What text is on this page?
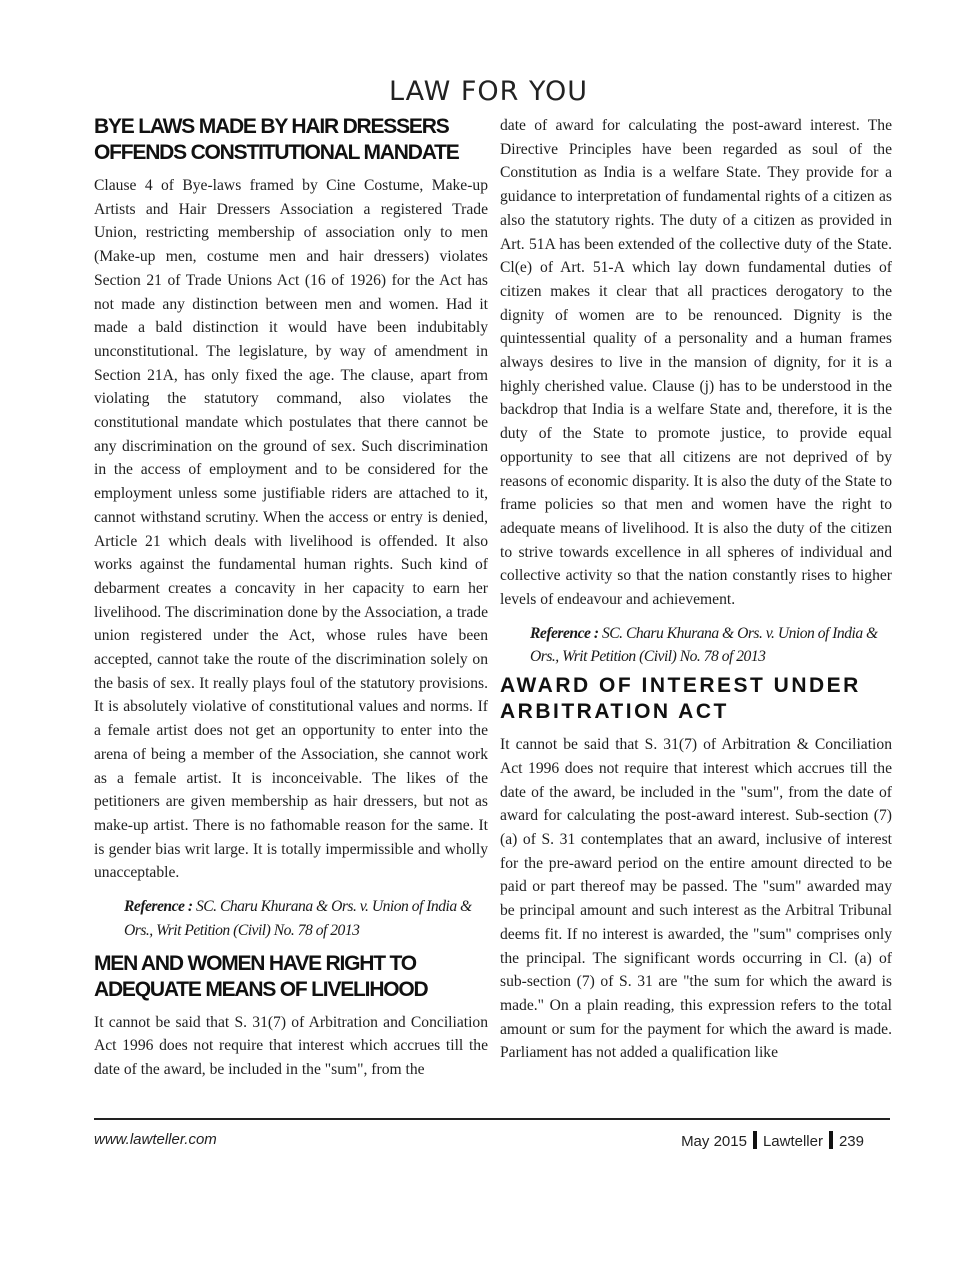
LAW FOR YOU
BYE LAWS MADE BY HAIR DRESSERS OFFENDS CONSTITUTIONAL MANDATE

Clause 4 of Bye-laws framed by Cine Costume, Make-up Artists and Hair Dressers Association a registered Trade Union, restricting membership of association only to men (Make-up men, costume men and hair dressers) violates Section 21 of Trade Unions Act (16 of 1926) for the Act has not made any distinction between men and women. Had it made a bald distinction it would have been indubitably unconstitutional. The legislature, by way of amendment in Section 21A, has only fixed the age. The clause, apart from violating the statutory command, also violates the constitutional mandate which postulates that there cannot be any discrimination on the ground of sex. Such discrimination in the access of employment and to be considered for the employment unless some justifiable riders are attached to it, cannot withstand scrutiny. When the access or entry is denied, Article 21 which deals with livelihood is offended. It also works against the fundamental human rights. Such kind of debarment creates a concavity in her capacity to earn her livelihood. The discrimination done by the Association, a trade union registered under the Act, whose rules have been accepted, cannot take the route of the discrimination solely on the basis of sex. It really plays foul of the statutory provisions. It is absolutely violative of constitutional values and norms. If a female artist does not get an opportunity to enter into the arena of being a member of the Association, she cannot work as a female artist. It is inconceivable. The likes of the petitioners are given membership as hair dressers, but not as make-up artist. There is no fathomable reason for the same. It is gender bias writ large. It is totally impermissible and wholly unacceptable.

Reference : SC. Charu Khurana & Ors. v. Union of India & Ors., Writ Petition (Civil) No. 78 of 2013
MEN AND WOMEN HAVE RIGHT TO ADEQUATE MEANS OF LIVELIHOOD

It cannot be said that S. 31(7) of Arbitration and Conciliation Act 1996 does not require that interest which accrues till the date of the award, be included in the "sum", from the

date of award for calculating the post-award interest. The Directive Principles have been regarded as soul of the Constitution as India is a welfare State. They provide for a guidance to interpretation of fundamental rights of a citizen as also the statutory rights. The duty of a citizen as provided in Art. 51A has been extended of the collective duty of the State. Cl(e) of Art. 51-A which lay down fundamental duties of citizen makes it clear that all practices derogatory to the dignity of women are to be renounced. Dignity is the quintessential quality of a personality and a human frames always desires to live in the mansion of dignity, for it is a highly cherished value. Clause (j) has to be understood in the backdrop that India is a welfare State and, therefore, it is the duty of the State to promote justice, to provide equal opportunity to see that all citizens are not deprived of by reasons of economic disparity. It is also the duty of the State to frame policies so that men and women have the right to adequate means of livelihood. It is also the duty of the citizen to strive towards excellence in all spheres of individual and collective activity so that the nation constantly rises to higher levels of endeavour and achievement.

Reference : SC. Charu Khurana & Ors. v. Union of India & Ors., Writ Petition (Civil) No. 78 of 2013
AWARD OF INTEREST UNDER ARBITRATION ACT

It cannot be said that S. 31(7) of Arbitration & Conciliation Act 1996 does not require that interest which accrues till the date of the award, be included in the "sum", from the date of award for calculating the post-award interest. Sub-section (7)(a) of S. 31 contemplates that an award, inclusive of interest for the pre-award period on the entire amount directed to be paid or part thereof may be passed. The "sum" awarded may be principal amount and such interest as the Arbitral Tribunal deems fit. If no interest is awarded, the "sum" comprises only the principal. The significant words occurring in Cl. (a) of sub-section (7) of S. 31 are "the sum for which the award is made." On a plain reading, this expression refers to the total amount or sum for the payment for which the award is made. Parliament has not added a qualification like

www.lawteller.com	May 2015 Lawteller 239
